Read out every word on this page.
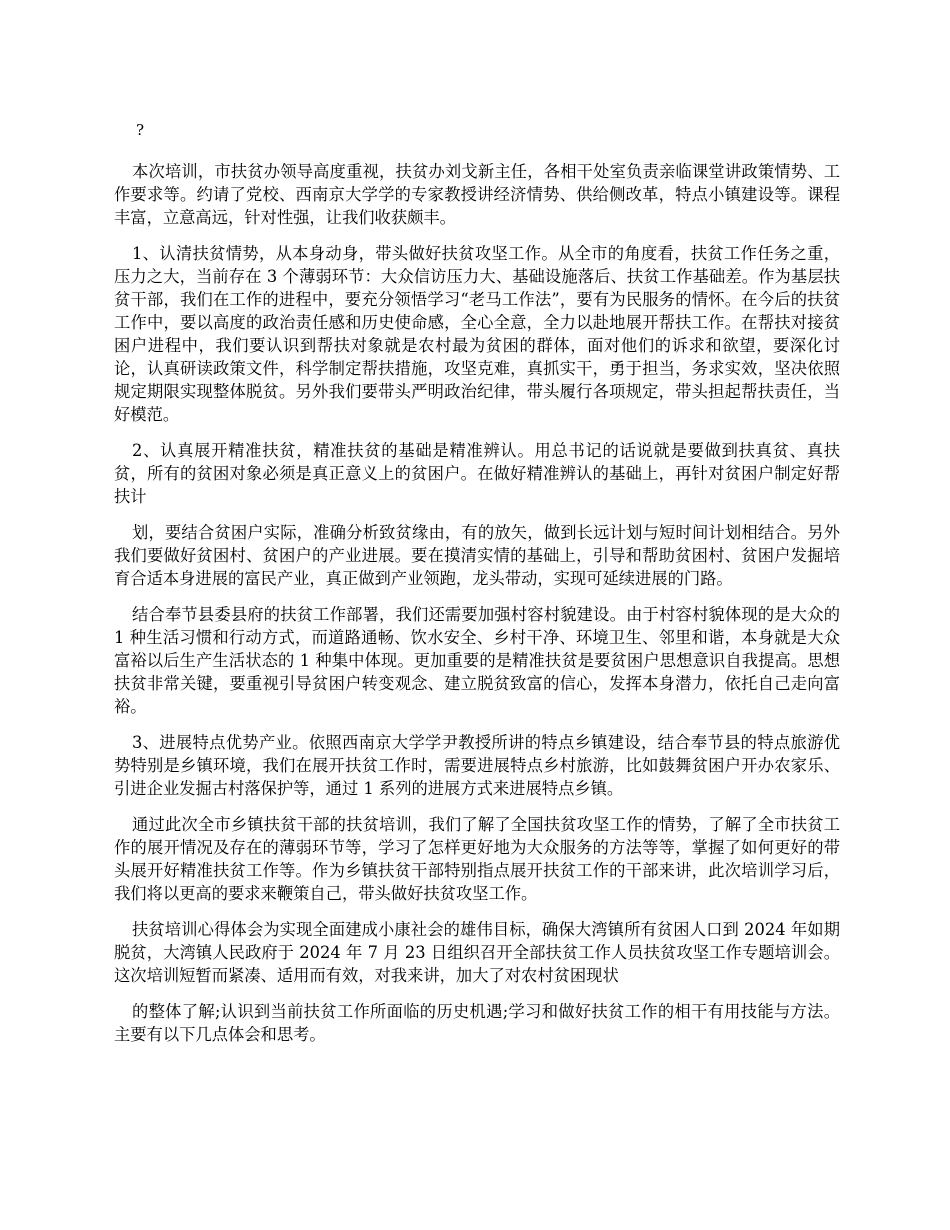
?

本次培训，市扶贫办领导高度重视，扶贫办刘戈新主任，各相干处室负责亲临课堂讲政策情势、工作要求等。约请了党校、西南京大学学的专家教授讲经济情势、供给侧改革，特点小镇建设等。课程丰富，立意高远，针对性强，让我们收获颇丰。

1、认清扶贫情势，从本身动身，带头做好扶贫攻坚工作。从全市的角度看，扶贫工作任务之重，压力之大，当前存在 3 个薄弱环节：大众信访压力大、基础设施落后、扶贫工作基础差。作为基层扶贫干部，我们在工作的进程中，要充分领悟学习“老马工作法”，要有为民服务的情怀。在今后的扶贫工作中，要以高度的政治责任感和历史使命感，全心全意，全力以赴地展开帮扶工作。在帮扶对接贫困户进程中，我们要认识到帮扶对象就是农村最为贫困的群体，面对他们的诉求和欲望，要深化讨论，认真研读政策文件，科学制定帮扶措施，攻坚克难，真抓实干，勇于担当，务求实效，坚决依照规定期限实现整体脱贫。另外我们要带头严明政治纪律，带头履行各项规定，带头担起帮扶责任，当好模范。

2、认真展开精准扶贫，精准扶贫的基础是精准辨认。用总书记的话说就是要做到扶真贫、真扶贫，所有的贫困对象必须是真正意义上的贫困户。在做好精准辨认的基础上，再针对贫困户制定好帮扶计

划，要结合贫困户实际，准确分析致贫缘由，有的放矢，做到长远计划与短时间计划相结合。另外我们要做好贫困村、贫困户的产业进展。要在摸清实情的基础上，引导和帮助贫困村、贫困户发掘培育合适本身进展的富民产业，真正做到产业领跑，龙头带动，实现可延续进展的门路。

结合奉节县委县府的扶贫工作部署，我们还需要加强村容村貌建设。由于村容村貌体现的是大众的 1 种生活习惯和行动方式，而道路通畅、饮水安全、乡村干净、环境卫生、邻里和谐，本身就是大众富裕以后生产生活状态的 1 种集中体现。更加重要的是精准扶贫是要贫困户思想意识自我提高。思想扶贫非常关键，要重视引导贫困户转变观念、建立脱贫致富的信心，发挥本身潜力，依托自己走向富裕。

3、进展特点优势产业。依照西南京大学学尹教授所讲的特点乡镇建设，结合奉节县的特点旅游优势特别是乡镇环境，我们在展开扶贫工作时，需要进展特点乡村旅游，比如鼓舞贫困户开办农家乐、引进企业发掘古村落保护等，通过 1 系列的进展方式来进展特点乡镇。

通过此次全市乡镇扶贫干部的扶贫培训，我们了解了全国扶贫攻坚工作的情势，了解了全市扶贫工作的展开情况及存在的薄弱环节等，学习了怎样更好地为大众服务的方法等等，掌握了如何更好的带头展开好精准扶贫工作等。作为乡镇扶贫干部特别指点展开扶贫工作的干部来讲，此次培训学习后，我们将以更高的要求来鞭策自己，带头做好扶贫攻坚工作。

扶贫培训心得体会为实现全面建成小康社会的雄伟目标，确保大湾镇所有贫困人口到 2024 年如期脱贫，大湾镇人民政府于 2024 年 7 月 23 日组织召开全部扶贫工作人员扶贫攻坚工作专题培训会。这次培训短暂而紧凑、适用而有效，对我来讲，加大了对农村贫困现状

的整体了解;认识到当前扶贫工作所面临的历史机遇;学习和做好扶贫工作的相干有用技能与方法。主要有以下几点体会和思考。
